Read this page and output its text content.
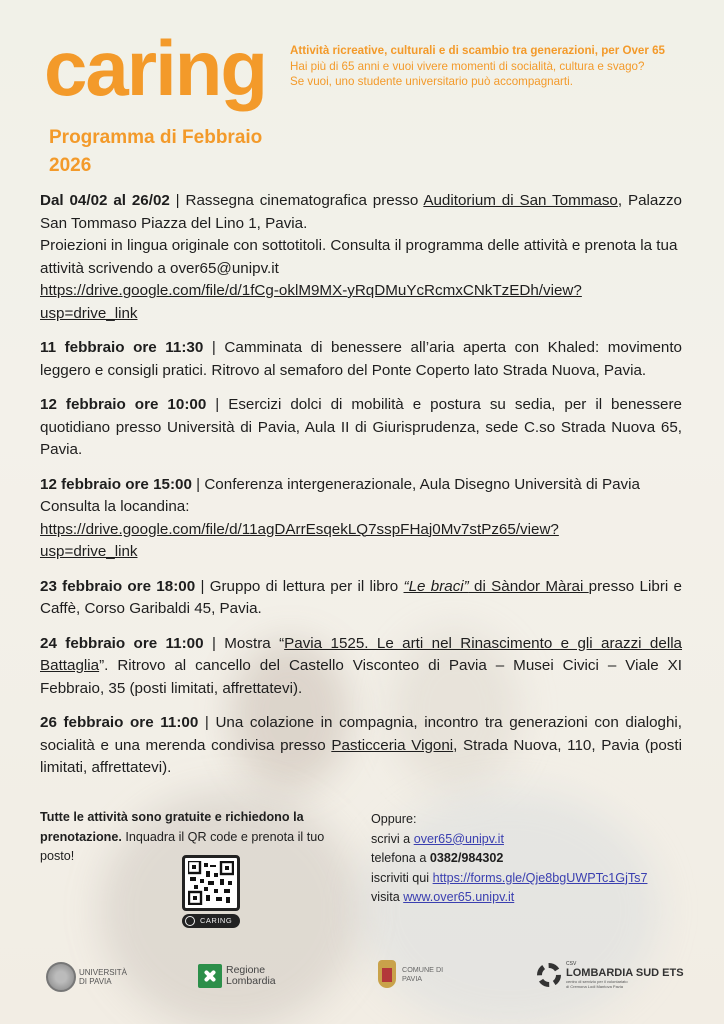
caring Attività ricreative, culturali e di scambio tra generazioni, per Over 65
Hai più di 65 anni e vuoi vivere momenti di socialità, cultura e svago?
Se vuoi, uno studente universitario può accompagnarti.
Programma di Febbraio
2026

Dal 04/02 al 26/02 | Rassegna cinematografica presso Auditorium di San Tommaso, Palazzo San Tommaso Piazza del Lino 1, Pavia.
Proiezioni in lingua originale con sottotitoli. Consulta il programma delle attività e prenota la tua attività scrivendo a over65@unipv.it
https://drive.google.com/file/d/1fCg-oklM9MX-yRqDMuYcRcmxCNkTzEDh/view?
usp=drive_link

11 febbraio ore 11:30 | Camminata di benessere all’aria aperta con Khaled: movimento leggero e consigli pratici. Ritrovo al semaforo del Ponte Coperto lato Strada Nuova, Pavia.

12 febbraio ore 10:00 | Esercizi dolci di mobilità e postura su sedia, per il benessere quotidiano presso Università di Pavia, Aula II di Giurisprudenza, sede C.so Strada Nuova 65, Pavia.

12 febbraio ore 15:00 | Conferenza intergenerazionale, Aula Disegno Università di Pavia
Consulta la locandina:
https://drive.google.com/file/d/11agDArrEsqekLQ7sspFHaj0Mv7stPz65/view?
usp=drive_link

23 febbraio ore 18:00 | Gruppo di lettura per il libro “Le braci” di Sàndor Màrai presso Libri e Caffè, Corso Garibaldi 45, Pavia.

24 febbraio ore 11:00 | Mostra “Pavia 1525. Le arti nel Rinascimento e gli arazzi della Battaglia”. Ritrovo al cancello del Castello Visconteo di Pavia – Musei Civici – Viale XI Febbraio, 35 (posti limitati, affrettatevi).

26 febbraio ore 11:00 | Una colazione in compagnia, incontro tra generazioni con dialoghi, socialità e una merenda condivisa presso Pasticceria Vigoni, Strada Nuova, 110, Pavia (posti limitati, affrettatevi).

Tutte le attività sono gratuite e richiedono la prenotazione. Inquadra il QR code e prenota il tuo posto!
CARING
Oppure:
scrivi a over65@unipv.it
telefona a 0382/984302
iscriviti qui https://forms.gle/Qje8bgUWPTc1GjTs7
visita www.over65.unipv.it
UNIVERSITÀ
DI PAVIA
Regione
Lombardia
COMUNE DI
PAVIA
CSV
LOMBARDIA SUD ETS
centro di servizio per il volontariato
di Cremona Lodi Mantova Pavia
